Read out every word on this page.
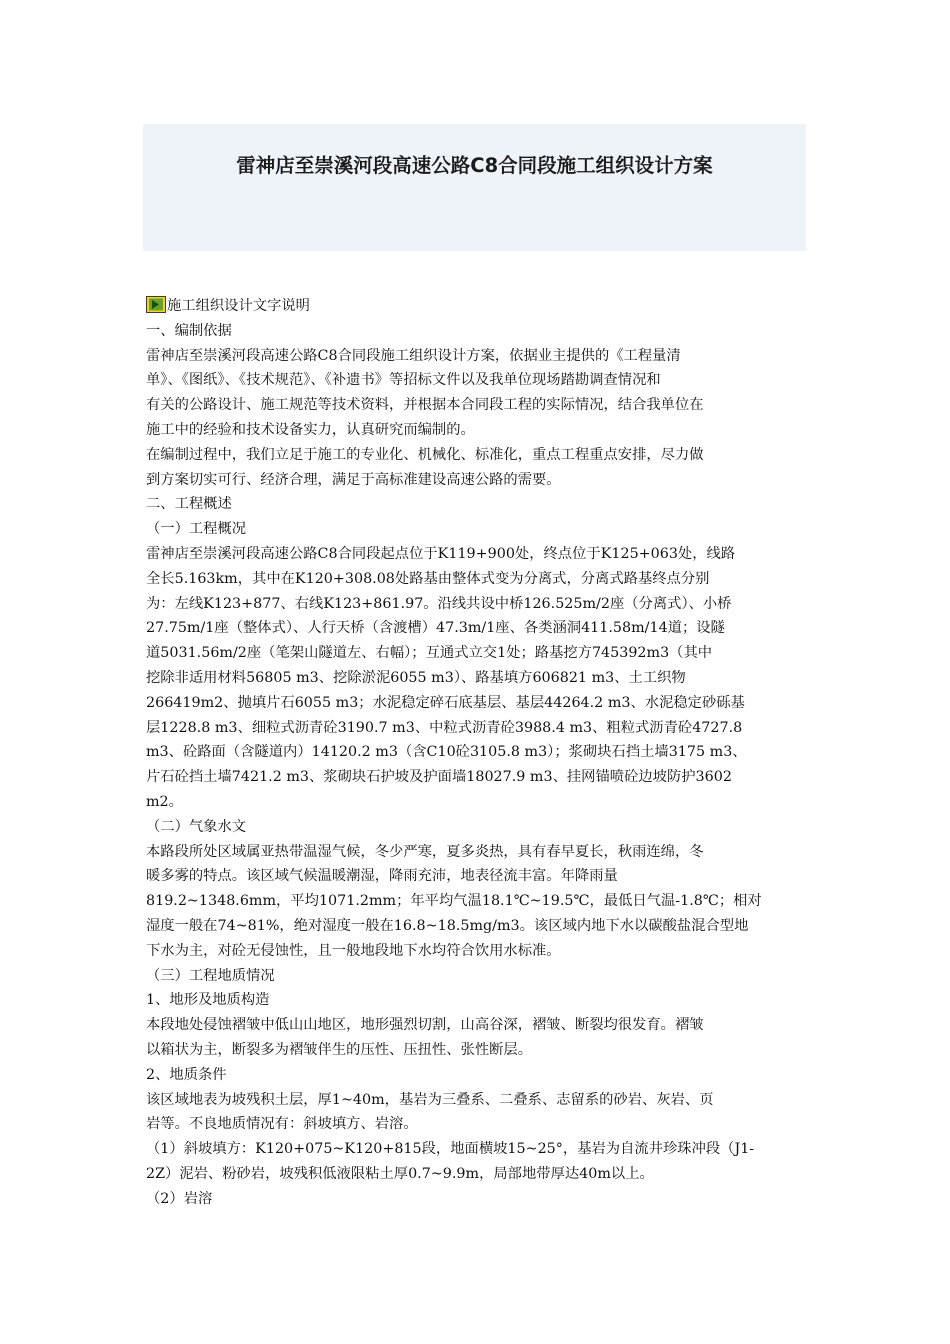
雷神店至崇溪河段高速公路C8合同段施工组织设计方案
施工组织设计文字说明
一、编制依据
雷神店至崇溪河段高速公路C8合同段施工组织设计方案，依据业主提供的《工程量清
单》、《图纸》、《技术规范》、《补遗书》等招标文件以及我单位现场踏勘调查情况和
有关的公路设计、施工规范等技术资料，并根据本合同段工程的实际情况，结合我单位在
施工中的经验和技术设备实力，认真研究而编制的。
在编制过程中，我们立足于施工的专业化、机械化、标准化，重点工程重点安排，尽力做
到方案切实可行、经济合理，满足于高标准建设高速公路的需要。
二、工程概述
（一）工程概况
雷神店至崇溪河段高速公路C8合同段起点位于K119+900处，终点位于K125+063处，线路
全长5.163km，其中在K120+308.08处路基由整体式变为分离式，分离式路基终点分别
为：左线K123+877、右线K123+861.97。沿线共设中桥126.525m/2座（分离式）、小桥
27.75m/1座（整体式）、人行天桥（含渡槽）47.3m/1座、各类涵洞411.58m/14道；设隧
道5031.56m/2座（笔架山隧道左、右幅）；互通式立交1处；路基挖方745392m3（其中
挖除非适用材料56805 m3、挖除淤泥6055 m3）、路基填方606821 m3、土工织物
266419m2、抛填片石6055 m3；水泥稳定碎石底基层、基层44264.2 m3、水泥稳定砂砾基
层1228.8 m3、细粒式沥青砼3190.7 m3、中粒式沥青砼3988.4 m3、粗粒式沥青砼4727.8
m3、砼路面（含隧道内）14120.2 m3（含C10砼3105.8 m3）；浆砌块石挡土墙3175 m3、
片石砼挡土墙7421.2 m3、浆砌块石护坡及护面墙18027.9 m3、挂网锚喷砼边坡防护3602
m2。
（二）气象水文
本路段所处区域属亚热带温湿气候，冬少严寒，夏多炎热，具有春早夏长，秋雨连绵，冬
暖多雾的特点。该区域气候温暖潮湿，降雨充沛，地表径流丰富。年降雨量
819.2~1348.6mm，平均1071.2mm；年平均气温18.1℃~19.5℃，最低日气温-1.8℃；相对
湿度一般在74~81%，绝对湿度一般在16.8~18.5mg/m3。该区域内地下水以碳酸盐混合型地
下水为主，对砼无侵蚀性，且一般地段地下水均符合饮用水标准。
（三）工程地质情况
1、地形及地质构造
本段地处侵蚀褶皱中低山山地区，地形强烈切割，山高谷深，褶皱、断裂均很发育。褶皱
以箱状为主，断裂多为褶皱伴生的压性、压扭性、张性断层。
2、地质条件
该区域地表为坡残积土层，厚1~40m，基岩为三叠系、二叠系、志留系的砂岩、灰岩、页
岩等。不良地质情况有：斜坡填方、岩溶。
（1）斜坡填方：K120+075~K120+815段，地面横坡15~25°，基岩为自流井珍珠冲段（J1-
2Z）泥岩、粉砂岩，坡残积低液限粘土厚0.7~9.9m，局部地带厚达40m以上。
（2）岩溶
